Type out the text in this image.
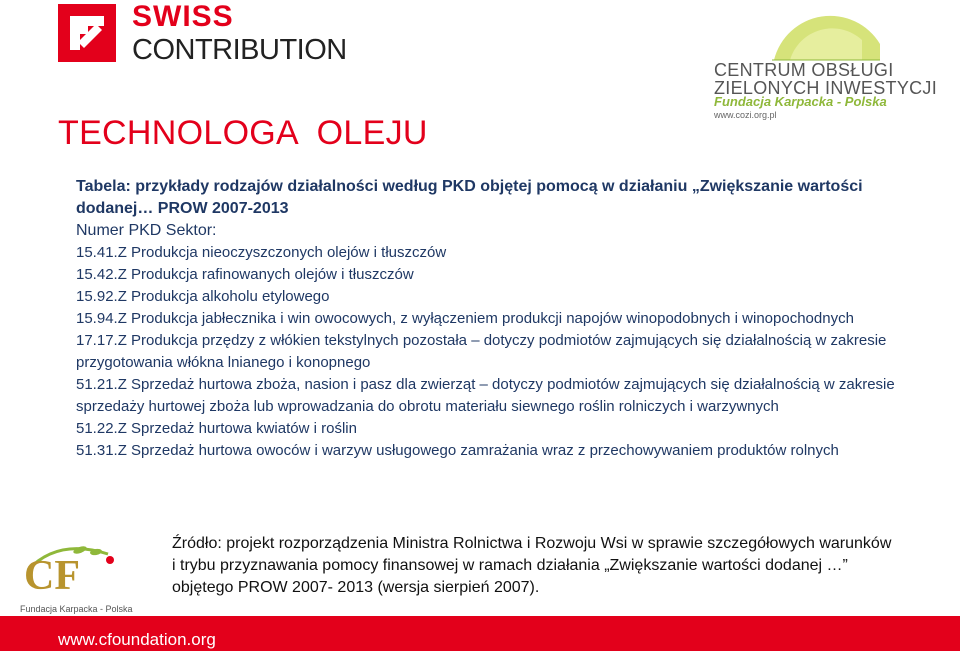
SWISS
CONTRIBUTION
CENTRUM OBSŁUGI
ZIELONYCH INWESTYCJI
Fundacja Karpacka - Polska
www.cozi.org.pl
TECHNOLOGA  OLEJU
Tabela: przykłady rodzajów działalności według PKD objętej pomocą w działaniu „Zwiększanie wartości dodanej… PROW 2007-2013
Numer PKD Sektor:

15.41.Z Produkcja nieoczyszczonych olejów i tłuszczów

15.42.Z Produkcja rafinowanych olejów i tłuszczów

15.92.Z Produkcja alkoholu etylowego

15.94.Z Produkcja jabłecznika i win owocowych, z wyłączeniem produkcji napojów winopodobnych i winopochodnych

17.17.Z Produkcja przędzy z włókien tekstylnych pozostała – dotyczy podmiotów zajmujących się działalnością w zakresie przygotowania włókna lnianego i konopnego

51.21.Z Sprzedaż hurtowa zboża, nasion i pasz dla zwierząt – dotyczy podmiotów zajmujących się działalnością w zakresie sprzedaży hurtowej zboża lub wprowadzania do obrotu materiału siewnego roślin rolniczych i warzywnych

51.22.Z Sprzedaż hurtowa kwiatów i roślin

51.31.Z Sprzedaż hurtowa owoców i warzyw usługowego zamrażania wraz z przechowywaniem produktów rolnych

CF
Fundacja Karpacka - Polska
Źródło: projekt rozporządzenia Ministra Rolnictwa i Rozwoju Wsi w sprawie szczegółowych warunków i trybu przyznawania pomocy finansowej w ramach działania „Zwiększanie wartości dodanej …” objętego PROW 2007- 2013 (wersja sierpień 2007).
www.cfoundation.org
